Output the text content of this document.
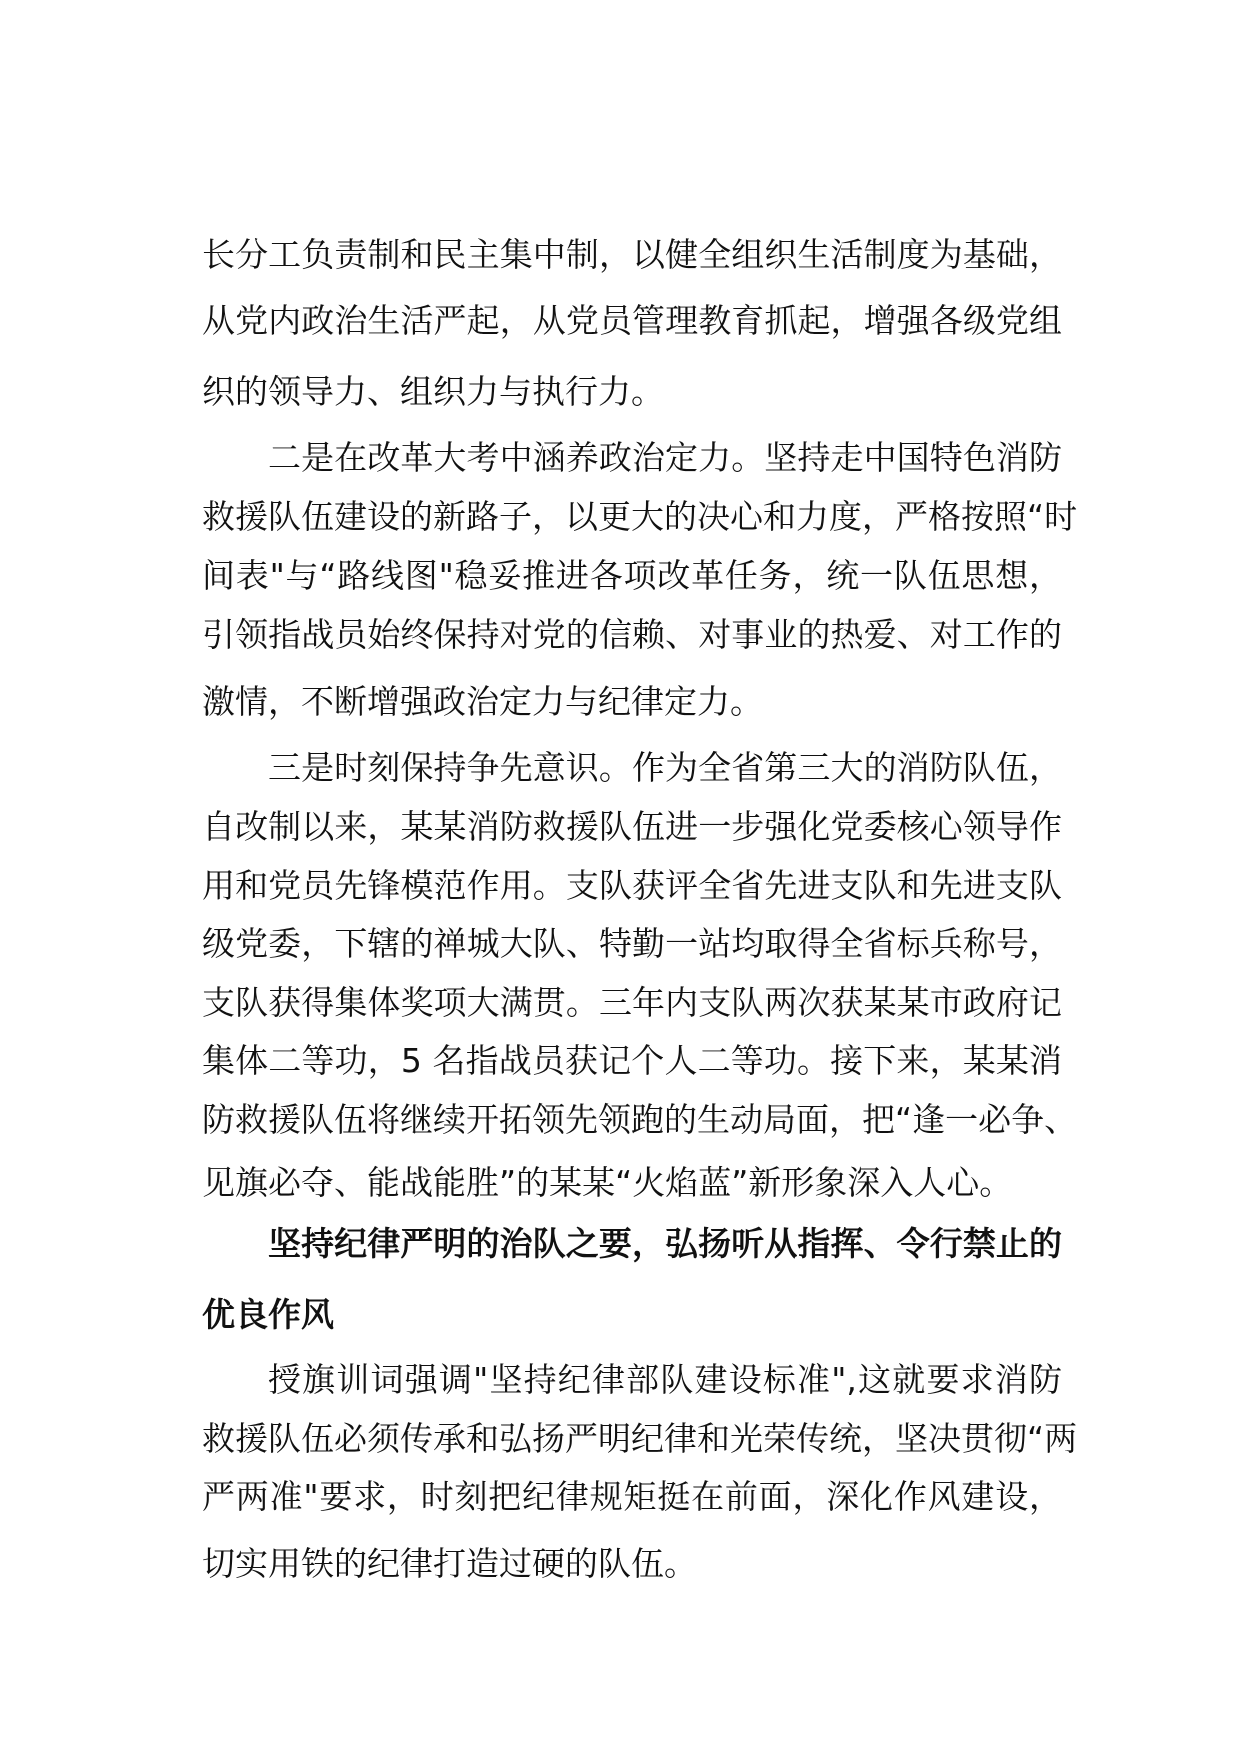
长分工负责制和民主集中制，以健全组织生活制度为基础，
从党内政治生活严起，从党员管理教育抓起，增强各级党组
织的领导力、组织力与执行力。
二是在改革大考中涵养政治定力。坚持走中国特色消防
救援队伍建设的新路子，以更大的决心和力度，严格按照“时
间表"与“路线图"稳妥推进各项改革任务，统一队伍思想，
引领指战员始终保持对党的信赖、对事业的热爱、对工作的
激情，不断增强政治定力与纪律定力。
三是时刻保持争先意识。作为全省第三大的消防队伍，
自改制以来，某某消防救援队伍进一步强化党委核心领导作
用和党员先锋模范作用。支队获评全省先进支队和先进支队
级党委，下辖的禅城大队、特勤一站均取得全省标兵称号，
支队获得集体奖项大满贯。三年内支队两次获某某市政府记
集体二等功，5 名指战员获记个人二等功。接下来，某某消
防救援队伍将继续开拓领先领跑的生动局面，把“逢一必争、
见旗必夺、能战能胜”的某某“火焰蓝”新形象深入人心。
坚持纪律严明的治队之要，弘扬听从指挥、令行禁止的
优良作风
授旗训词强调"坚持纪律部队建设标准",这就要求消防
救援队伍必须传承和弘扬严明纪律和光荣传统，坚决贯彻“两
严两准"要求，时刻把纪律规矩挺在前面，深化作风建设，
切实用铁的纪律打造过硬的队伍。
